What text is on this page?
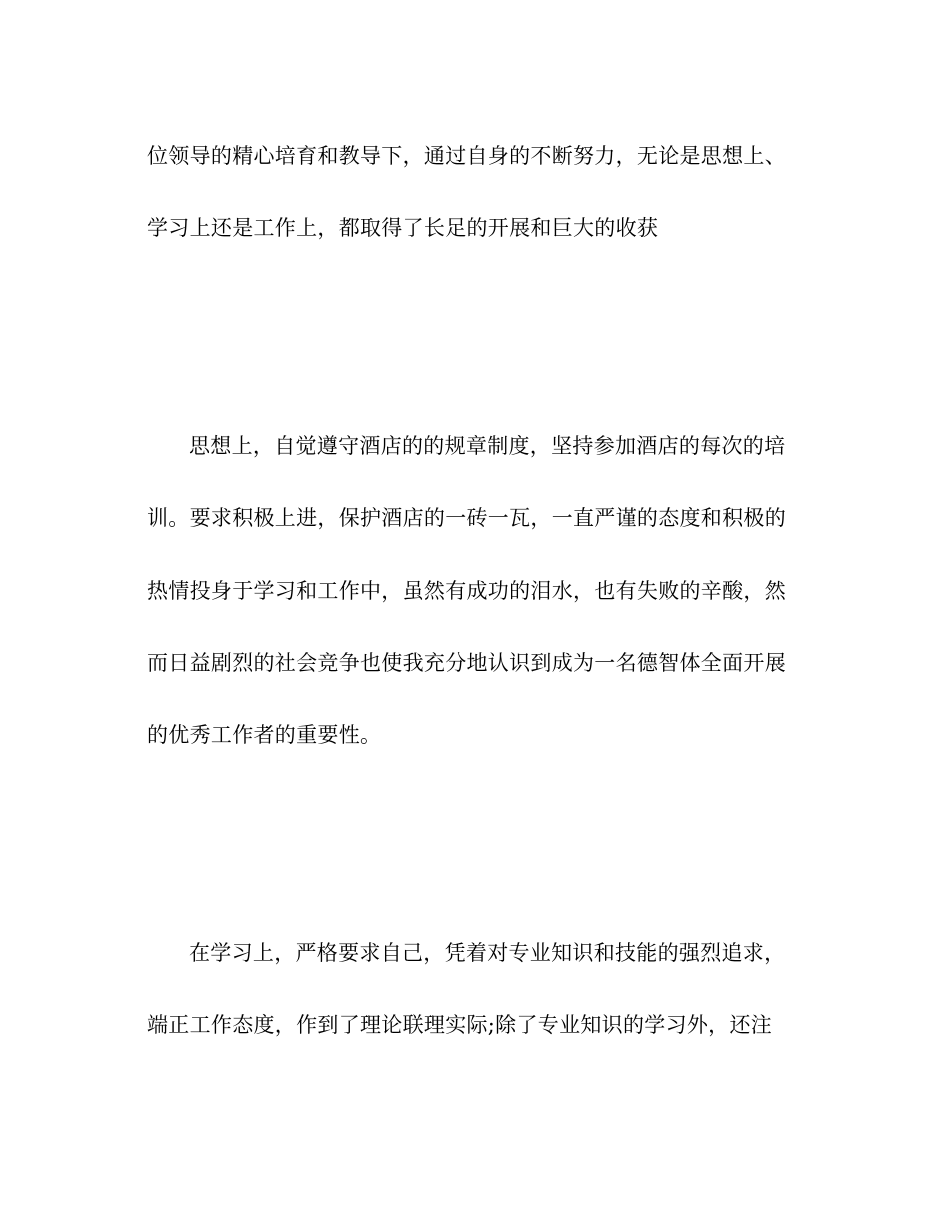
位领导的精心培育和教导下，通过自身的不断努力，无论是思想上、
学习上还是工作上，都取得了长足的开展和巨大的收获
思想上，自觉遵守酒店的的规章制度，坚持参加酒店的每次的培
训。要求积极上进，保护酒店的一砖一瓦，一直严谨的态度和积极的
热情投身于学习和工作中，虽然有成功的泪水，也有失败的辛酸，然
而日益剧烈的社会竞争也使我充分地认识到成为一名德智体全面开展
的优秀工作者的重要性。
在学习上，严格要求自己，凭着对专业知识和技能的强烈追求，
端正工作态度，作到了理论联理实际;除了专业知识的学习外，还注
